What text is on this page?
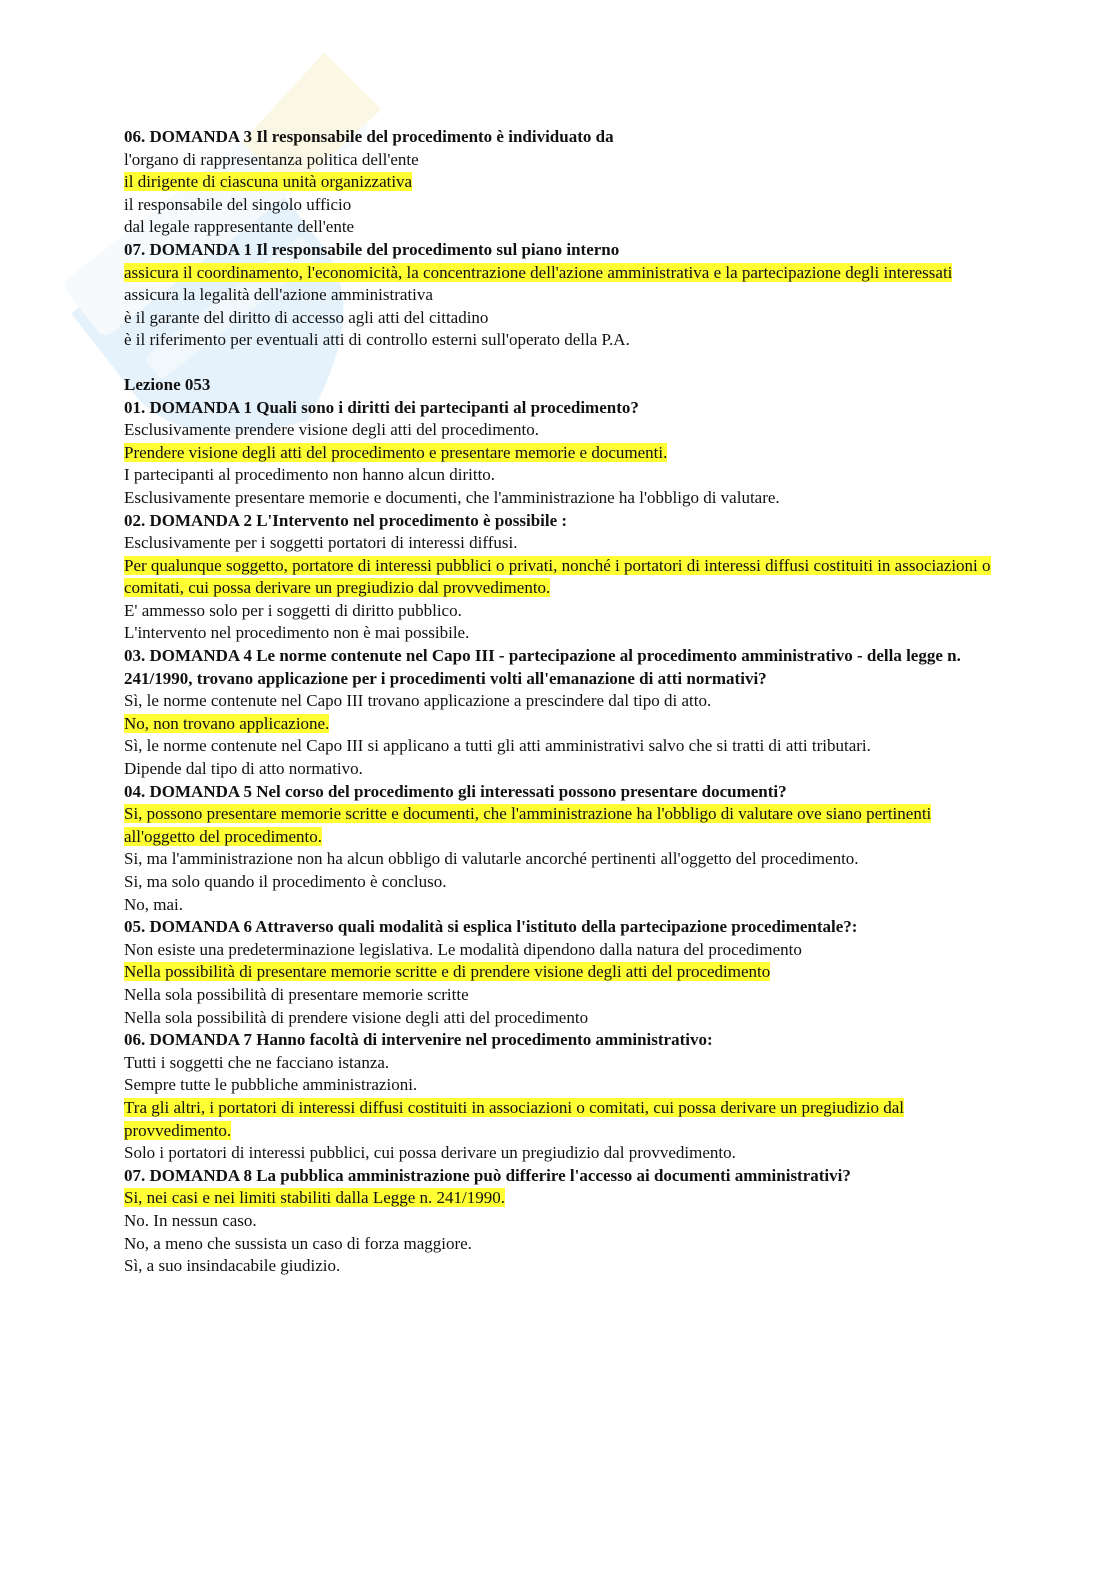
06. DOMANDA 3 Il responsabile del procedimento è individuato da
l'organo di rappresentanza politica dell'ente
il dirigente di ciascuna unità organizzativa
il responsabile del singolo ufficio
dal legale rappresentante dell'ente
07. DOMANDA 1 Il responsabile del procedimento sul piano interno
assicura il coordinamento, l'economicità, la concentrazione dell'azione amministrativa e la partecipazione degli interessati
assicura la legalità dell'azione amministrativa
è il garante del diritto di accesso agli atti del cittadino
è il riferimento per eventuali atti di controllo esterni sull'operato della P.A.
Lezione 053
01. DOMANDA 1 Quali sono i diritti dei partecipanti al procedimento?
Esclusivamente prendere visione degli atti del procedimento.
Prendere visione degli atti del procedimento e presentare memorie e documenti.
I partecipanti al procedimento non hanno alcun diritto.
Esclusivamente presentare memorie e documenti, che l'amministrazione ha l'obbligo di valutare.
02. DOMANDA 2 L'Intervento nel procedimento è possibile :
Esclusivamente per i soggetti portatori di interessi diffusi.
Per qualunque soggetto, portatore di interessi pubblici o privati, nonché i portatori di interessi diffusi costituiti in associazioni o comitati, cui possa derivare un pregiudizio dal provvedimento.
E' ammesso solo per i soggetti di diritto pubblico.
L'intervento nel procedimento non è mai possibile.
03. DOMANDA 4 Le norme contenute nel Capo III - partecipazione al procedimento amministrativo - della legge n. 241/1990, trovano applicazione per i procedimenti volti all'emanazione di atti normativi?
Sì, le norme contenute nel Capo III trovano applicazione a prescindere dal tipo di atto.
No, non trovano applicazione.
Sì, le norme contenute nel Capo III si applicano a tutti gli atti amministrativi salvo che si tratti di atti tributari.
Dipende dal tipo di atto normativo.
04. DOMANDA 5 Nel corso del procedimento gli interessati possono presentare documenti?
Si, possono presentare memorie scritte e documenti, che l'amministrazione ha l'obbligo di valutare ove siano pertinenti all'oggetto del procedimento.
Si, ma l'amministrazione non ha alcun obbligo di valutarle ancorché pertinenti all'oggetto del procedimento.
Si, ma solo quando il procedimento è concluso.
No, mai.
05. DOMANDA 6 Attraverso quali modalità si esplica l'istituto della partecipazione procedimentale?:
Non esiste una predeterminazione legislativa. Le modalità dipendono dalla natura del procedimento
Nella possibilità di presentare memorie scritte e di prendere visione degli atti del procedimento
Nella sola possibilità di presentare memorie scritte
Nella sola possibilità di prendere visione degli atti del procedimento
06. DOMANDA 7 Hanno facoltà di intervenire nel procedimento amministrativo:
Tutti i soggetti che ne facciano istanza.
Sempre tutte le pubbliche amministrazioni.
Tra gli altri, i portatori di interessi diffusi costituiti in associazioni o comitati, cui possa derivare un pregiudizio dal provvedimento.
Solo i portatori di interessi pubblici, cui possa derivare un pregiudizio dal provvedimento.
07. DOMANDA 8 La pubblica amministrazione può differire l'accesso ai documenti amministrativi?
Si, nei casi e nei limiti stabiliti dalla Legge n. 241/1990.
No. In nessun caso.
No, a meno che sussista un caso di forza maggiore.
Sì, a suo insindacabile giudizio.
